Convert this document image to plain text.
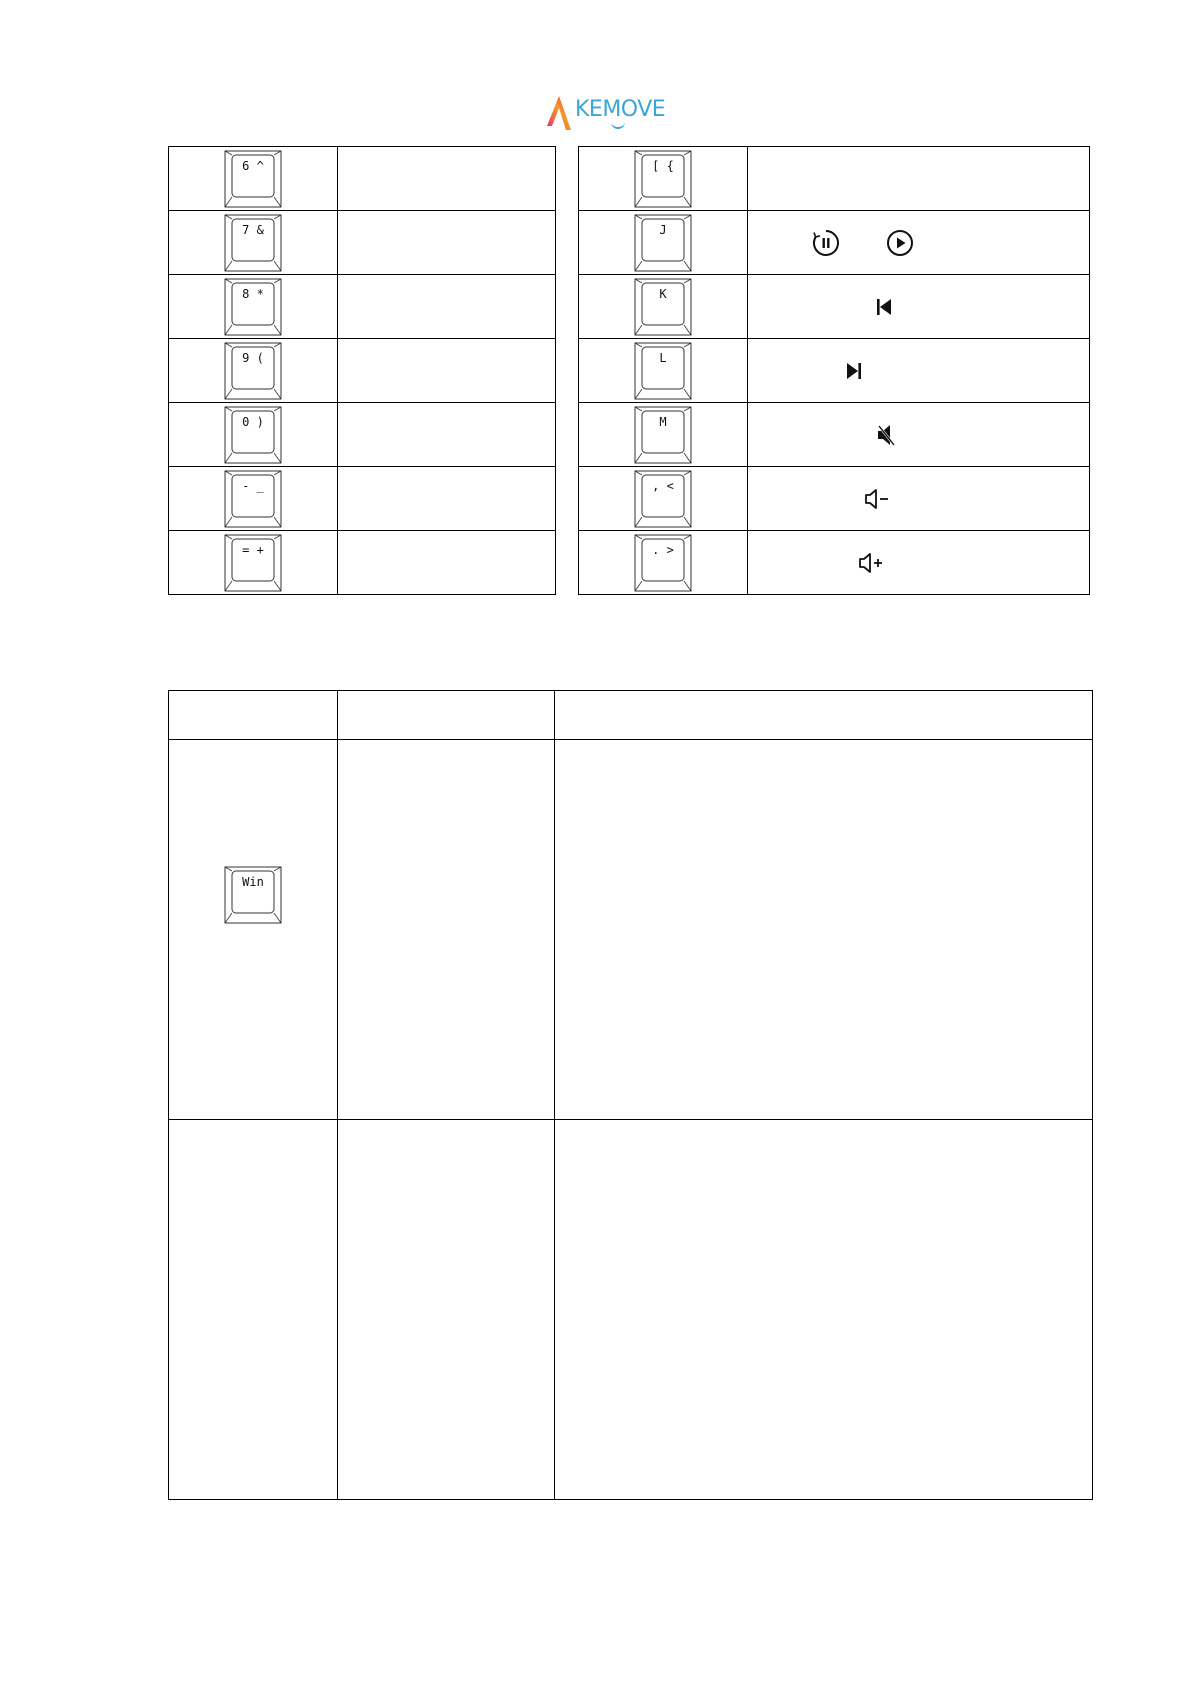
KEMOVE
6 ^	

7 &	

8 *	

9 (	

0 )	

- _	

= +	

[ {	

J

K

L

M

, <

. >

Win		
